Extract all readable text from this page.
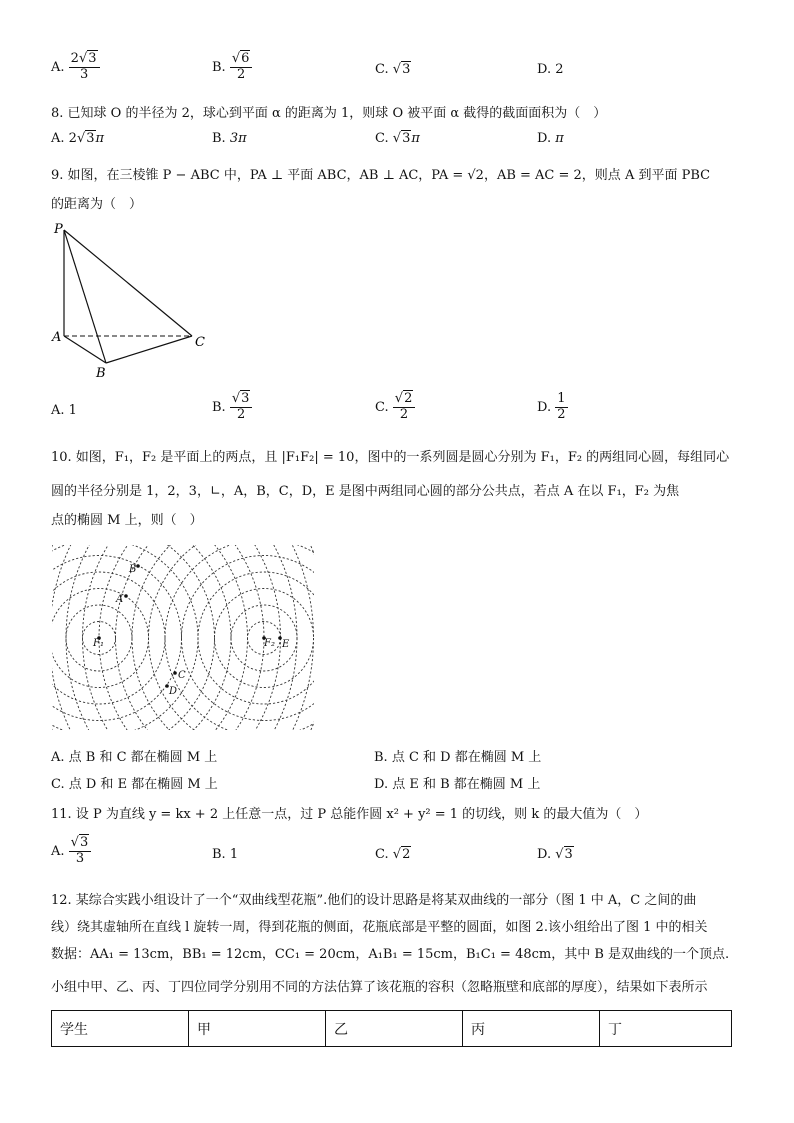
A. $\frac{2√3}{3}$	B. $\frac{√6}{2}$	C. √3	D. 2
8. 已知球 O 的半径为 2，球心到平面 α 的距离为 1，则球 O 被平面 α 截得的截面面积为（　）
A. 2√3π	B. 3π	C. √3π	D. π
9. 如图，在三棱锥 P − ABC 中，PA ⊥ 平面 ABC，AB ⊥ AC，PA = √2，AB = AC = 2，则点 A 到平面 PBC
的距离为（　）
P
A
B
C
A. 1	B. $\frac{√3}{2}$	C. $\frac{√2}{2}$	D. $\frac{1}{2}$
10. 如图，F₁，F₂ 是平面上的两点，且 |F₁F₂| = 10，图中的一系列圆是圆心分别为 F₁，F₂ 的两组同心圆，每组同心
圆的半径分别是 1，2，3，∟，A，B，C，D，E 是图中两组同心圆的部分公共点，若点 A 在以 F₁，F₂ 为焦
点的椭圆 M 上，则（　）
B
A
F₁	F₂ E
C
D
A. 点 B 和 C 都在椭圆 M 上	B. 点 C 和 D 都在椭圆 M 上
C. 点 D 和 E 都在椭圆 M 上	D. 点 E 和 B 都在椭圆 M 上
11. 设 P 为直线 y = kx + 2 上任意一点，过 P 总能作圆 x² + y² = 1 的切线，则 k 的最大值为（　）
A. $\frac{√3}{3}$	B. 1	C. √2	D. √3
12. 某综合实践小组设计了一个“双曲线型花瓶”.他们的设计思路是将某双曲线的一部分（图 1 中 A，C 之间的曲
线）绕其虚轴所在直线 l 旋转一周，得到花瓶的侧面，花瓶底部是平整的圆面，如图 2.该小组给出了图 1 中的相关
数据：AA₁ = 13cm，BB₁ = 12cm，CC₁ = 20cm，A₁B₁ = 15cm，B₁C₁ = 48cm，其中 B 是双曲线的一个顶点.
小组中甲、乙、丙、丁四位同学分别用不同的方法估算了该花瓶的容积（忽略瓶壁和底部的厚度），结果如下表所示
学生	甲	乙	丙	丁
